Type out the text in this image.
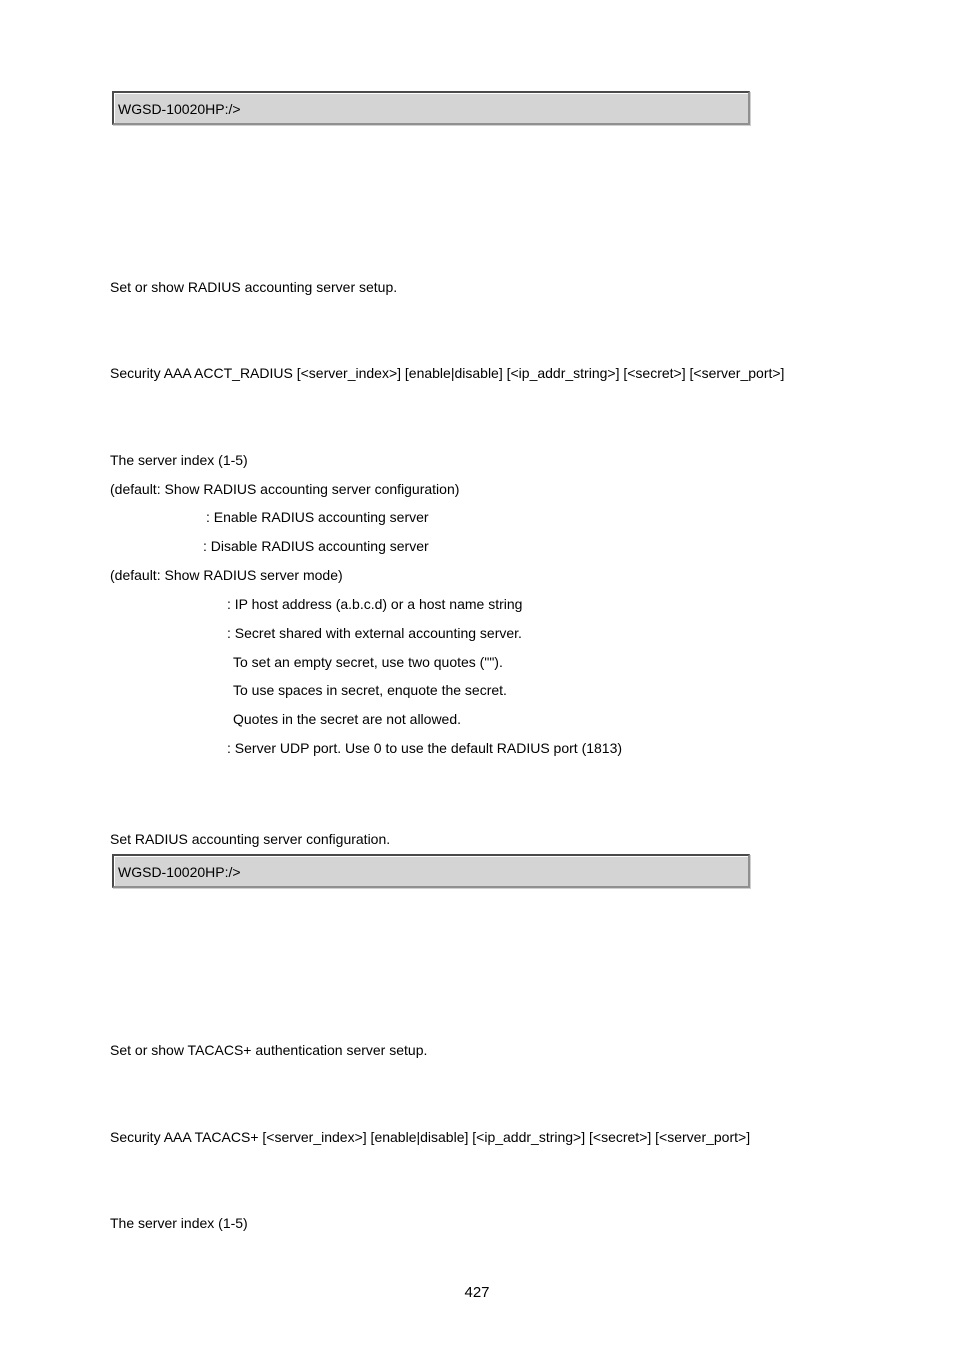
WGSD-10020HP:/>
Set or show RADIUS accounting server setup.
Security AAA ACCT_RADIUS [<server_index>] [enable|disable] [<ip_addr_string>] [<secret>] [<server_port>]
The server index (1-5)
(default: Show RADIUS accounting server configuration)
: Enable RADIUS accounting server
: Disable RADIUS accounting server
(default: Show RADIUS server mode)
: IP host address (a.b.c.d) or a host name string
: Secret shared with external accounting server.
To set an empty secret, use two quotes ("").
To use spaces in secret, enquote the secret.
Quotes in the secret are not allowed.
: Server UDP port. Use 0 to use the default RADIUS port (1813)
Set RADIUS accounting server configuration.
WGSD-10020HP:/>
Set or show TACACS+ authentication server setup.
Security AAA TACACS+ [<server_index>] [enable|disable] [<ip_addr_string>] [<secret>] [<server_port>]
The server index (1-5)
427
